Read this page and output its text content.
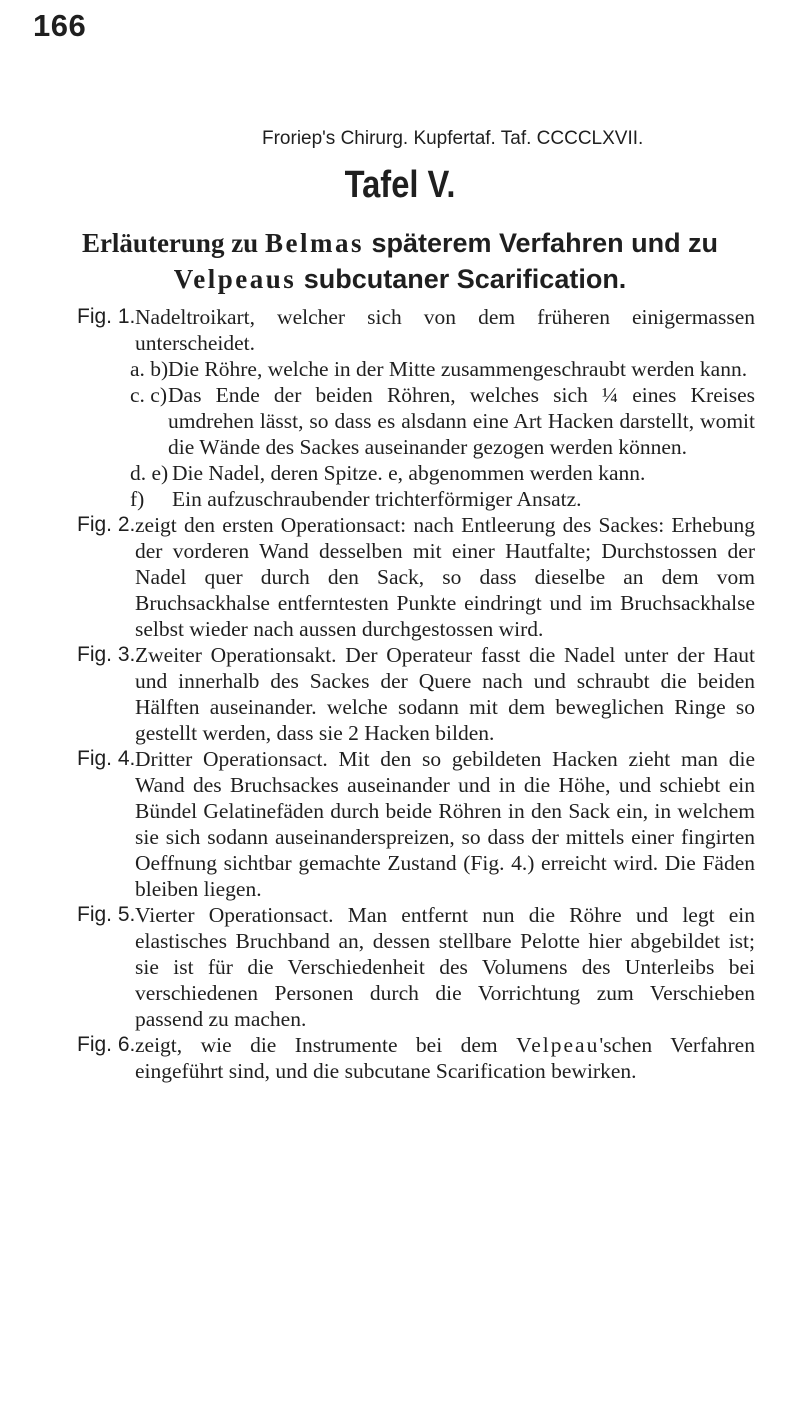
166
Froriep's Chirurg. Kupfertaf. Taf. CCCCLXVII.
Tafel V.
Erläuterung zu Belmas späterem Verfahren und zu
Velpeaus subcutaner Scarification.
Fig. 1. Nadeltroikart, welcher sich von dem früheren einigermassen unterscheidet.
a. b) Die Röhre, welche in der Mitte zusammengeschraubt werden kann.
c. c) Das Ende der beiden Röhren, welches sich ¼ eines Kreises umdrehen lässt, so dass es alsdann eine Art Hacken darstellt, womit die Wände des Sackes auseinander gezogen werden können.
d. e) Die Nadel, deren Spitze. e, abgenommen werden kann.
f) Ein aufzuschraubender trichterförmiger Ansatz.
Fig. 2. zeigt den ersten Operationsact: nach Entleerung des Sackes: Erhebung der vorderen Wand desselben mit einer Hautfalte; Durchstossen der Nadel quer durch den Sack, so dass dieselbe an dem vom Bruchsackhalse entferntesten Punkte eindringt und im Bruchsackhalse selbst wieder nach aussen durchgestossen wird.
Fig. 3. Zweiter Operationsakt. Der Operateur fasst die Nadel unter der Haut und innerhalb des Sackes der Quere nach und schraubt die beiden Hälften auseinander. welche sodann mit dem beweglichen Ringe so gestellt werden, dass sie 2 Hacken bilden.
Fig. 4. Dritter Operationsact. Mit den so gebildeten Hacken zieht man die Wand des Bruchsackes auseinander und in die Höhe, und schiebt ein Bündel Gelatinefäden durch beide Röhren in den Sack ein, in welchem sie sich sodann auseinanderspreizen, so dass der mittels einer fingirten Oeffnung sichtbar gemachte Zustand (Fig. 4.) erreicht wird. Die Fäden bleiben liegen.
Fig. 5. Vierter Operationsact. Man entfernt nun die Röhre und legt ein elastisches Bruchband an, dessen stellbare Pelotte hier abgebildet ist; sie ist für die Verschiedenheit des Volumens des Unterleibs bei verschiedenen Personen durch die Vorrichtung zum Verschieben passend zu machen.
Fig. 6. zeigt, wie die Instrumente bei dem Velpeau'schen Verfahren eingeführt sind, und die subcutane Scarification bewirken.
